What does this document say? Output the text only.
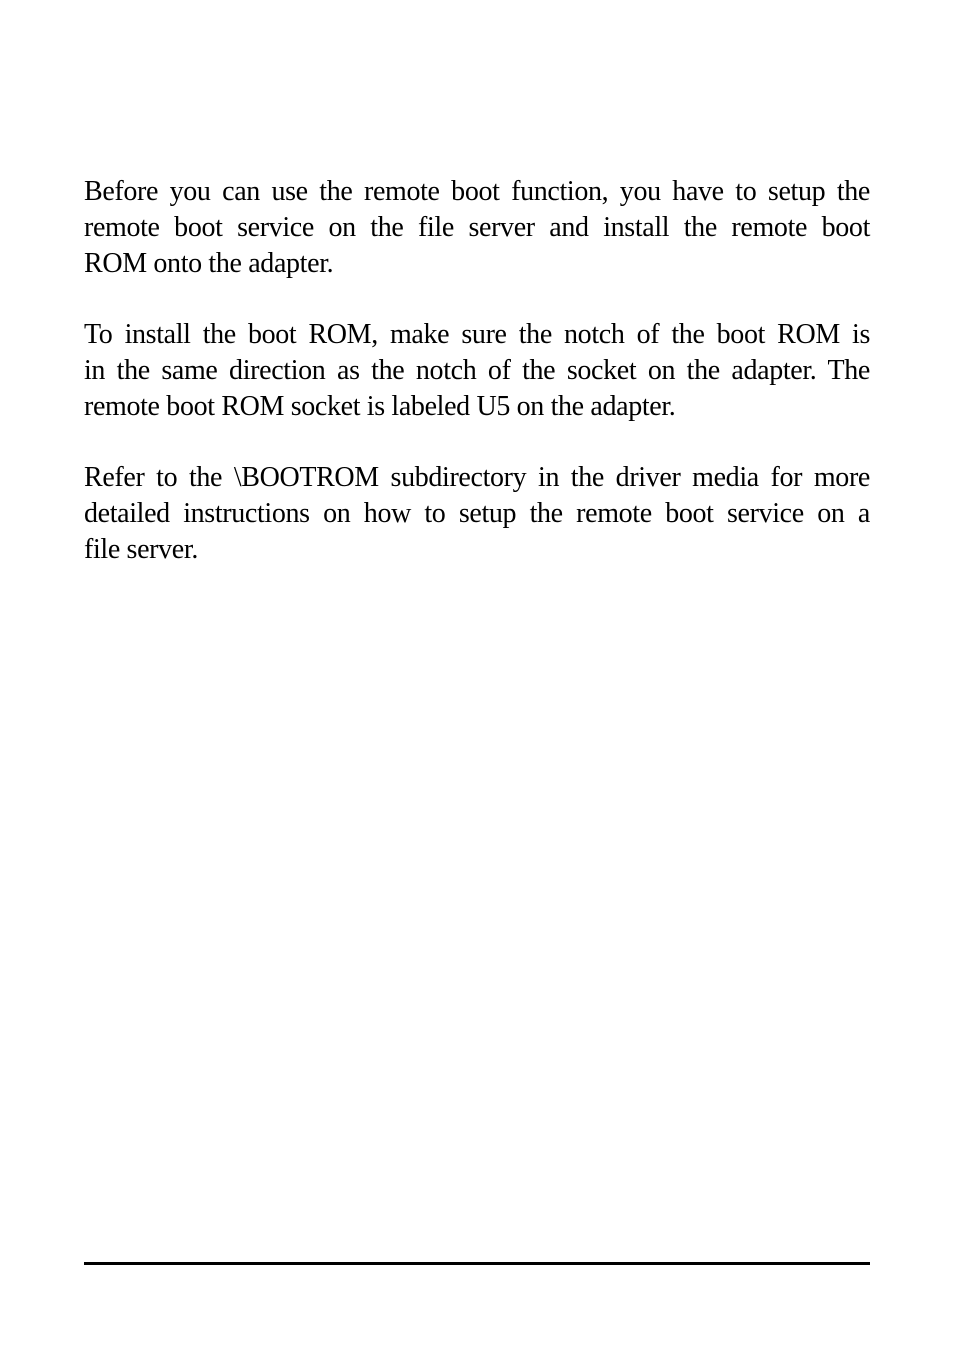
Before you can use the remote boot function, you have to setup the
remote boot service on the file server and install the remote boot
ROM onto the adapter.

To install the boot ROM, make sure the notch of the boot ROM is
in the same direction as the notch of the socket on the adapter. The
remote boot ROM socket is labeled U5 on the adapter.

Refer to the \BOOTROM subdirectory in the driver media for more
detailed instructions on how to setup the remote boot service on a
file server.
